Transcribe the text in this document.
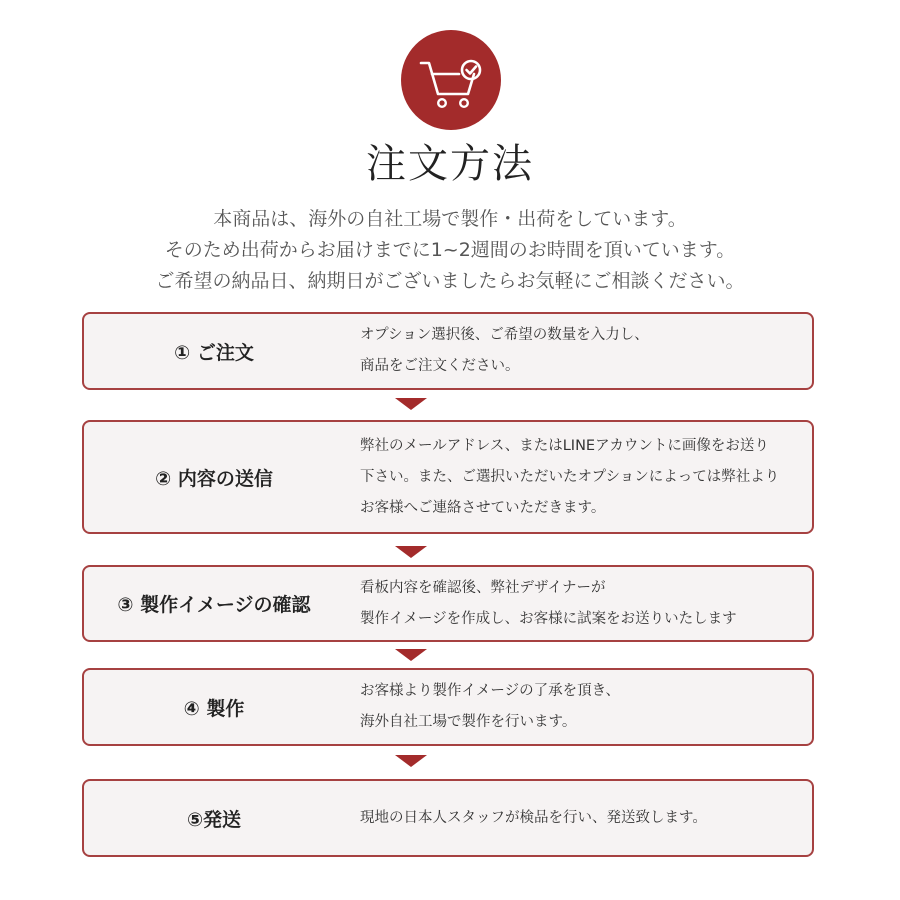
注文方法
本商品は、海外の自社工場で製作・出荷をしています。
そのため出荷からお届けまでに1~2週間のお時間を頂いています。
ご希望の納品日、納期日がございましたらお気軽にご相談ください。
① ご注文
オプション選択後、ご希望の数量を入力し、
商品をご注文ください。
② 内容の送信
弊社のメールアドレス、またはLINEアカウントに画像をお送り
下さい。また、ご選択いただいたオプションによっては弊社より
お客様へご連絡させていただきます。
③ 製作イメージの確認
看板内容を確認後、弊社デザイナーが
製作イメージを作成し、お客様に試案をお送りいたします
④ 製作
お客様より製作イメージの了承を頂き、
海外自社工場で製作を行います。
⑤発送	現地の日本人スタッフが検品を行い、発送致します。
